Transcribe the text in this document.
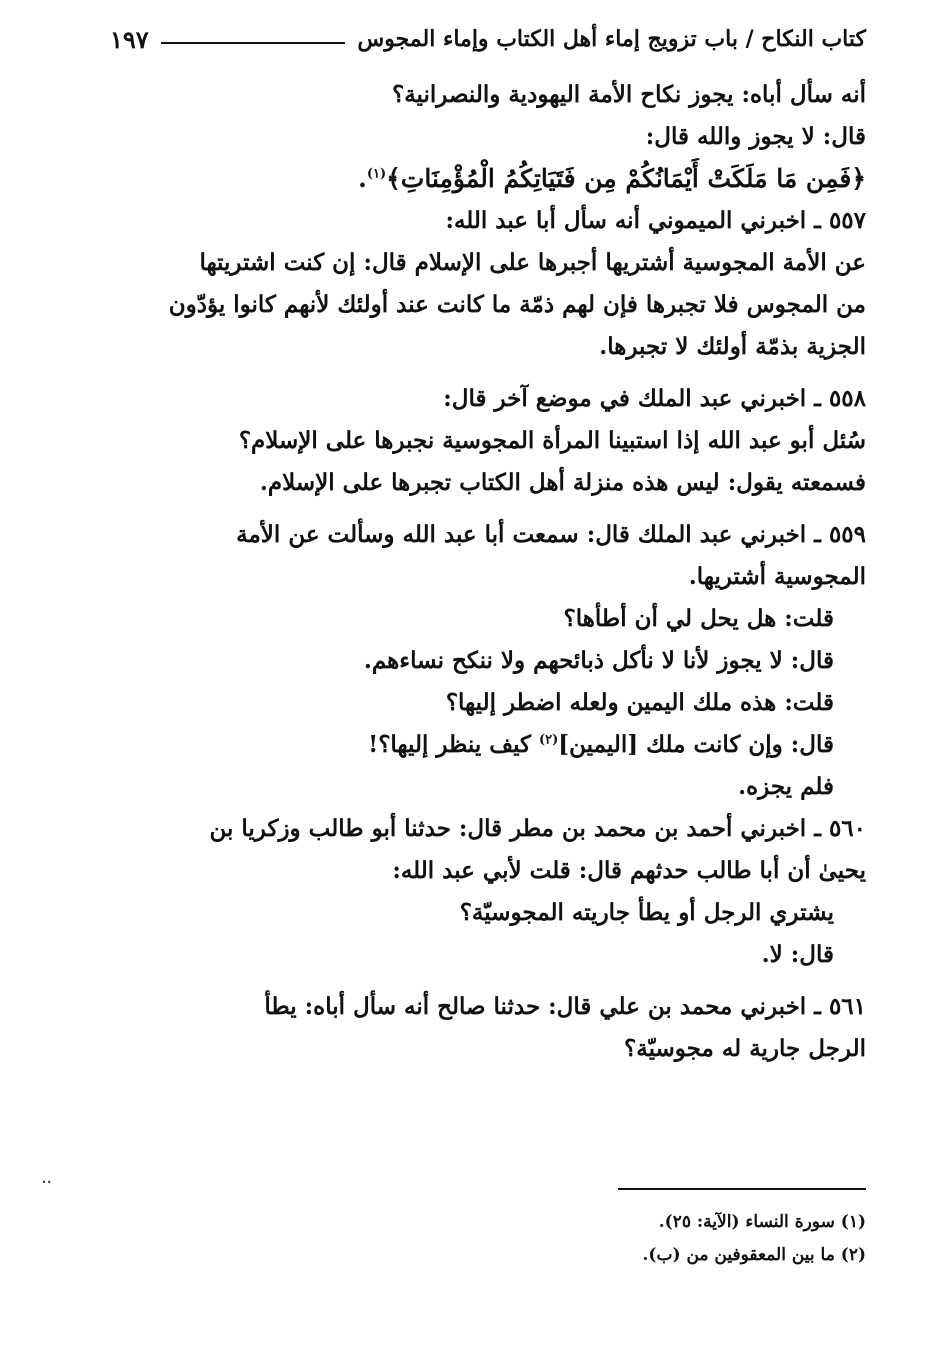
كتاب النكاح / باب تزويج إماء أهل الكتاب وإماء المجوس
١٩٧
أنه سأل أباه: يجوز نكاح الأمة اليهودية والنصرانية؟
قال: لا يجوز والله قال:
﴿فَمِن مَا مَلَكَتْ أَيْمَانُكُمْ مِن فَتَيَاتِكُمُ الْمُؤْمِنَاتِ﴾$^{(١)}$.
٥٥٧ ـ اخبرني الميموني أنه سأل أبا عبد الله:
عن الأمة المجوسية أشتريها أجبرها على الإسلام قال: إن كنت اشتريتها
من المجوس فلا تجبرها فإن لهم ذمّة ما كانت عند أولئك لأنهم كانوا يؤدّون
الجزية بذمّة أولئك لا تجبرها.
٥٥٨ ـ اخبرني عبد الملك في موضع آخر قال:
سُئل أبو عبد الله إذا استبينا المرأة المجوسية نجبرها على الإسلام؟
فسمعته يقول: ليس هذه منزلة أهل الكتاب تجبرها على الإسلام.
٥٥٩ ـ اخبرني عبد الملك قال: سمعت أبا عبد الله وسألت عن الأمة
المجوسية أشتريها.
قلت: هل يحل لي أن أطأها؟
قال: لا يجوز لأنا لا نأكل ذبائحهم ولا ننكح نساءهم.
قلت: هذه ملك اليمين ولعله اضطر إليها؟
قال: وإن كانت ملك [اليمين]$^{(٢)}$ كيف ينظر إليها؟!
فلم يجزه.
٥٦٠ ـ اخبرني أحمد بن محمد بن مطر قال: حدثنا أبو طالب وزكريا بن
يحيىٰ أن أبا طالب حدثهم قال: قلت لأبي عبد الله:
يشتري الرجل أو يطأ جاريته المجوسيّة؟
قال: لا.
٥٦١ ـ اخبرني محمد بن علي قال: حدثنا صالح أنه سأل أباه: يطأ
الرجل جارية له مجوسيّة؟
..
(١) سورة النساء (الآية: ٢٥).
(٢) ما بين المعقوفين من (ب).
